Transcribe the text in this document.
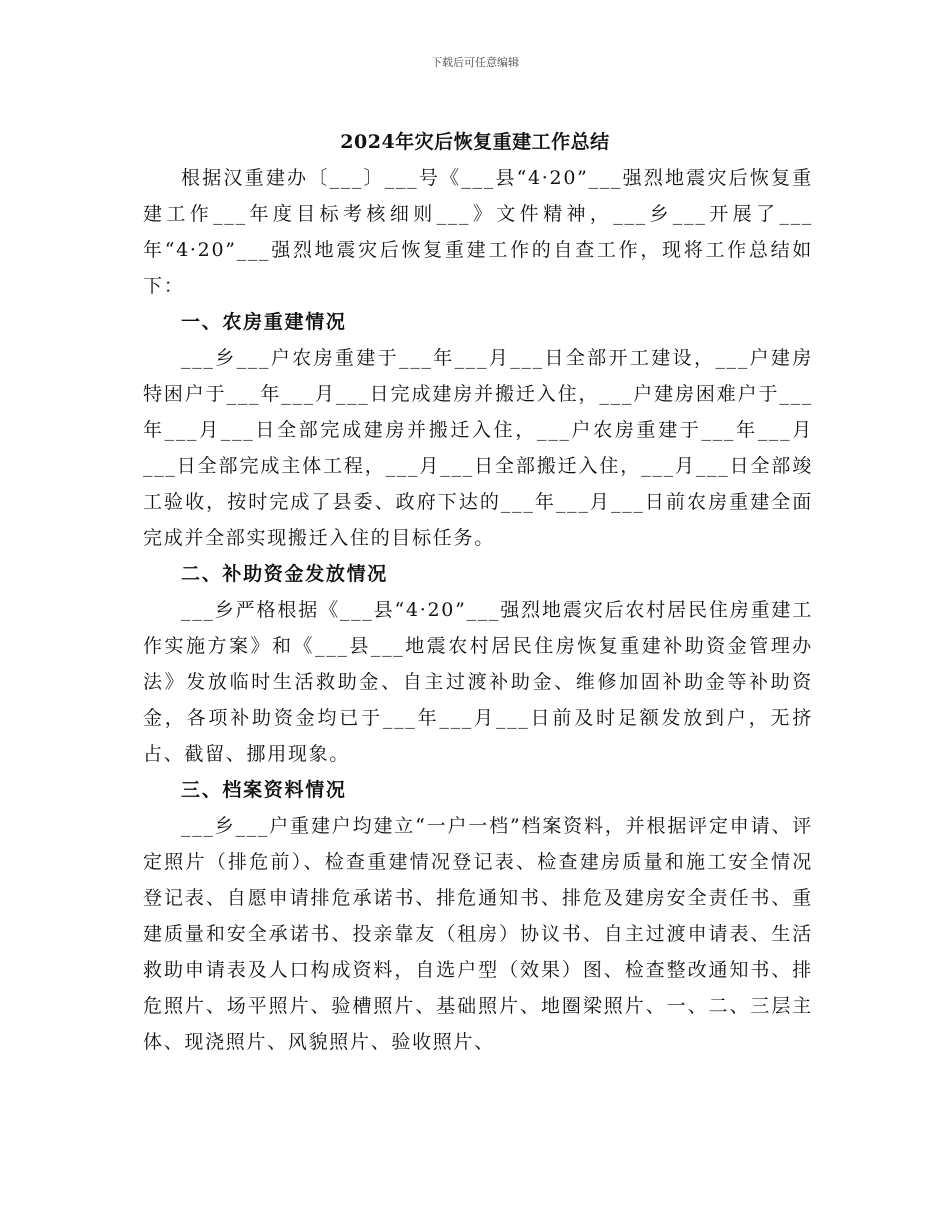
下载后可任意编辑
2024年灾后恢复重建工作总结

根据汉重建办〔___〕___号《___县“4·20”___强烈地震灾后恢复重建工作___年度目标考核细则___》文件精神，___乡___开展了___年“4·20”___强烈地震灾后恢复重建工作的自查工作，现将工作总结如下：

一、农房重建情况

___乡___户农房重建于___年___月___日全部开工建设，___户建房特困户于___年___月___日完成建房并搬迁入住，___户建房困难户于___年___月___日全部完成建房并搬迁入住，___户农房重建于___年___月___日全部完成主体工程，___月___日全部搬迁入住，___月___日全部竣工验收，按时完成了县委、政府下达的___年___月___日前农房重建全面完成并全部实现搬迁入住的目标任务。

二、补助资金发放情况

___乡严格根据《___县“4·20”___强烈地震灾后农村居民住房重建工作实施方案》和《___县___地震农村居民住房恢复重建补助资金管理办法》发放临时生活救助金、自主过渡补助金、维修加固补助金等补助资金，各项补助资金均已于___年___月___日前及时足额发放到户，无挤占、截留、挪用现象。

三、档案资料情况

___乡___户重建户均建立“一户一档”档案资料，并根据评定申请、评定照片（排危前）、检查重建情况登记表、检查建房质量和施工安全情况登记表、自愿申请排危承诺书、排危通知书、排危及建房安全责任书、重建质量和安全承诺书、投亲靠友（租房）协议书、自主过渡申请表、生活救助申请表及人口构成资料，自选户型（效果）图、检查整改通知书、排危照片、场平照片、验槽照片、基础照片、地圈梁照片、一、二、三层主体、现浇照片、风貌照片、验收照片、
